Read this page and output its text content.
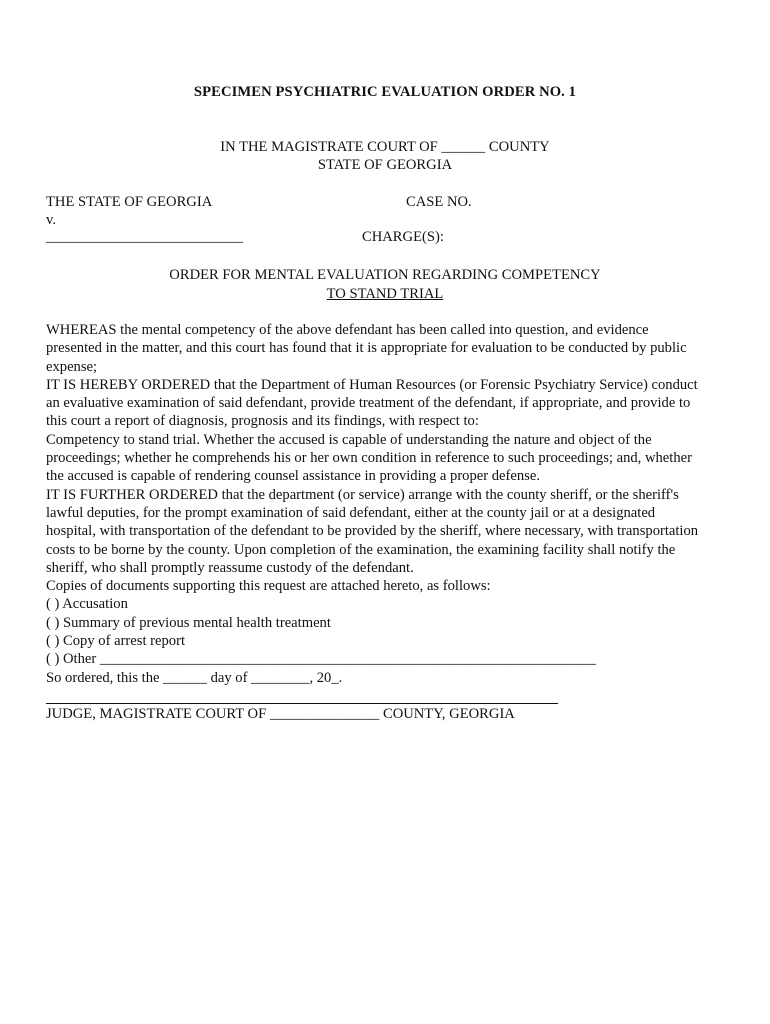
SPECIMEN PSYCHIATRIC EVALUATION ORDER NO. 1
IN THE MAGISTRATE COURT OF ______ COUNTY
STATE OF GEORGIA
THE STATE OF GEORGIA
v.
___________________________
CASE NO.
CHARGE(S):
ORDER FOR MENTAL EVALUATION REGARDING COMPETENCY
TO STAND TRIAL
WHEREAS the mental competency of the above defendant has been called into question, and evidence
presented in the matter, and this court has found that it is appropriate for evaluation to be conducted by public
expense;
IT IS HEREBY ORDERED that the Department of Human Resources (or Forensic Psychiatry Service) conduct
an evaluative examination of said defendant, provide treatment of the defendant, if appropriate, and provide to
this court a report of diagnosis, prognosis and its findings, with respect to:
Competency to stand trial. Whether the accused is capable of understanding the nature and object of the
proceedings; whether he comprehends his or her own condition in reference to such proceedings; and, whether
the accused is capable of rendering counsel assistance in providing a proper defense.
IT IS FURTHER ORDERED that the department (or service) arrange with the county sheriff, or the sheriff's
lawful deputies, for the prompt examination of said defendant, either at the county jail or at a designated
hospital, with transportation of the defendant to be provided by the sheriff, where necessary, with transportation
costs to be borne by the county. Upon completion of the examination, the examining facility shall notify the
sheriff, who shall promptly reassume custody of the defendant.
Copies of documents supporting this request are attached hereto, as follows:
( ) Accusation
( ) Summary of previous mental health treatment
( ) Copy of arrest report
( ) Other ____________________________________________________________________
So ordered, this the ______ day of ________, 20_.
JUDGE, MAGISTRATE COURT OF _______________ COUNTY, GEORGIA
